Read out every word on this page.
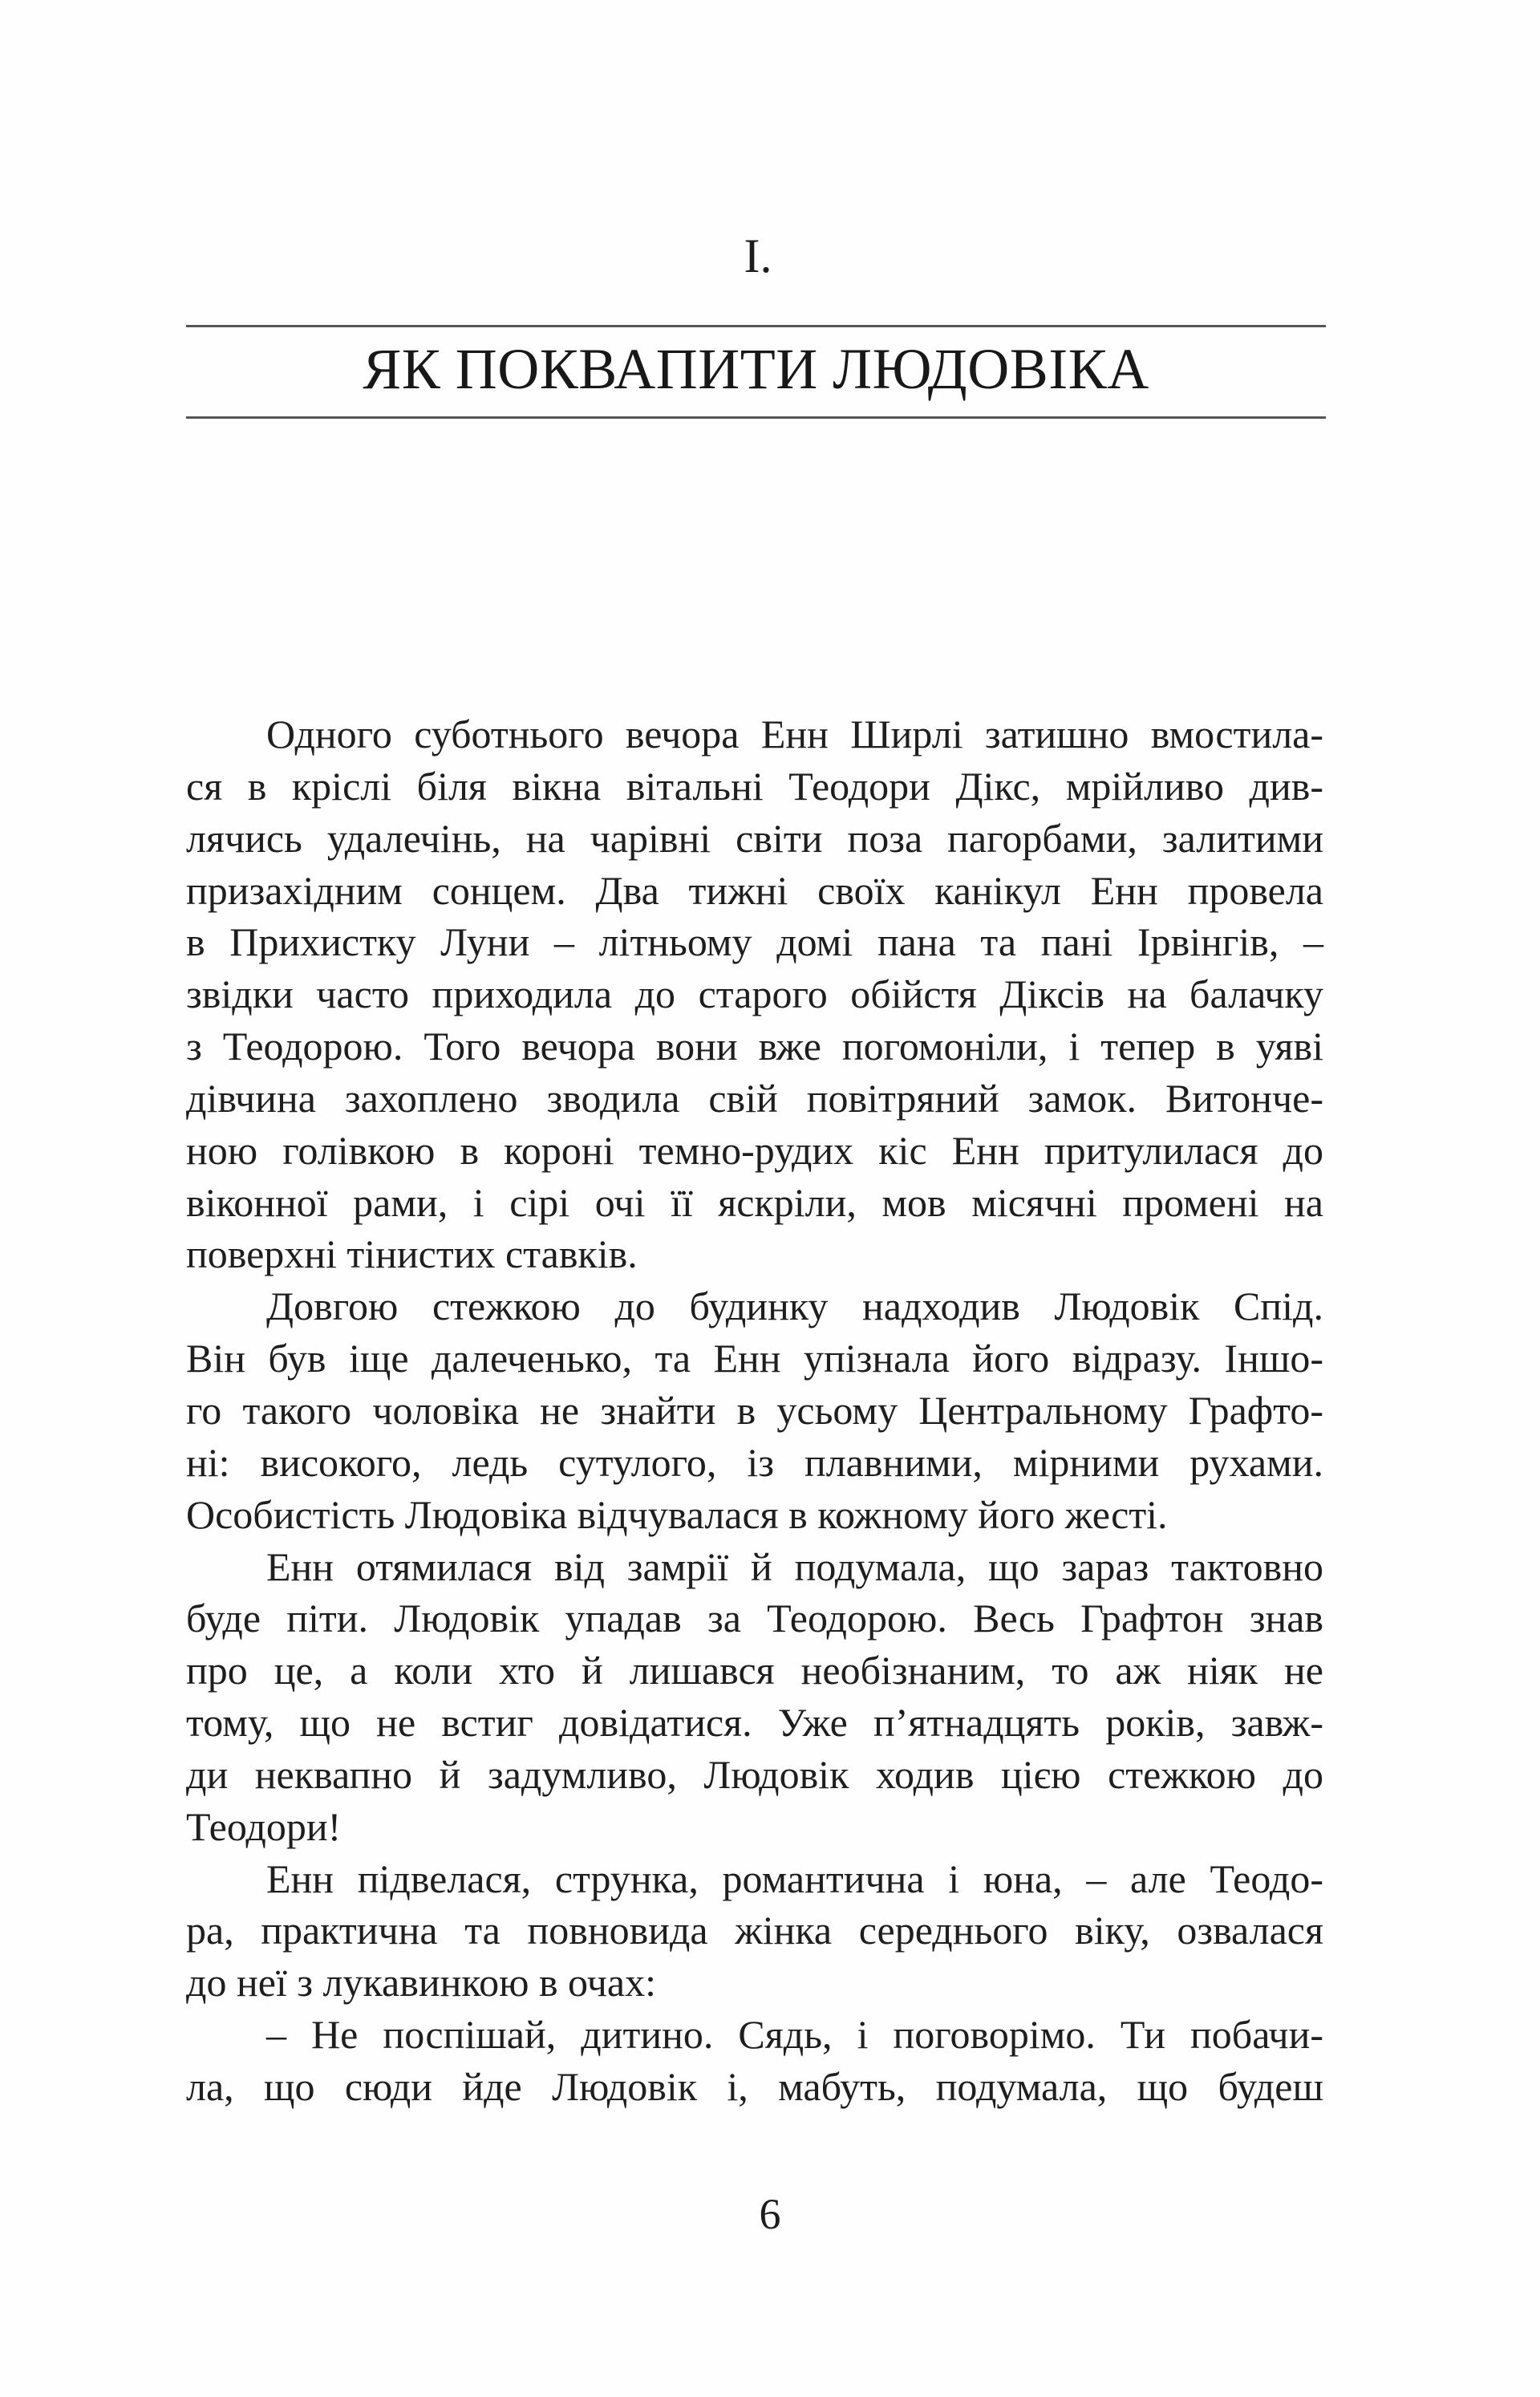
I.
ЯК ПОКВАПИТИ ЛЮДОВІКА
Одного суботнього вечора Енн Ширлі затишно вмостила-
ся в кріслі біля вікна вітальні Теодори Дікс, мрійливо див-
лячись удалечінь, на чарівні світи поза пагорбами, залитими
призахідним сонцем. Два тижні своїх канікул Енн провела
в Прихистку Луни – літньому домі пана та пані Ірвінгів, –
звідки часто приходила до старого обійстя Діксів на балачку
з Теодорою. Того вечора вони вже погомоніли, і тепер в уяві
дівчина захоплено зводила свій повітряний замок. Витонче-
ною голівкою в короні темно-рудих кіс Енн притулилася до
віконної рами, і сірі очі її яскріли, мов місячні промені на
поверхні тінистих ставків.
Довгою стежкою до будинку надходив Людовік Спід.
Він був іще далеченько, та Енн упізнала його відразу. Іншо-
го такого чоловіка не знайти в усьому Центральному Графто-
ні: високого, ледь сутулого, із плавними, мірними рухами.
Особистість Людовіка відчувалася в кожному його жесті.
Енн отямилася від замрії й подумала, що зараз тактовно
буде піти. Людовік упадав за Теодорою. Весь Графтон знав
про це, а коли хто й лишався необізнаним, то аж ніяк не
тому, що не встиг довідатися. Уже п’ятнадцять років, завж-
ди неквапно й задумливо, Людовік ходив цією стежкою до
Теодори!
Енн підвелася, струнка, романтична і юна, – але Теодо-
ра, практична та повновида жінка середнього віку, озвалася
до неї з лукавинкою в очах:
– Не поспішай, дитино. Сядь, і поговорімо. Ти побачи-
ла, що сюди йде Людовік і, мабуть, подумала, що будеш
6
